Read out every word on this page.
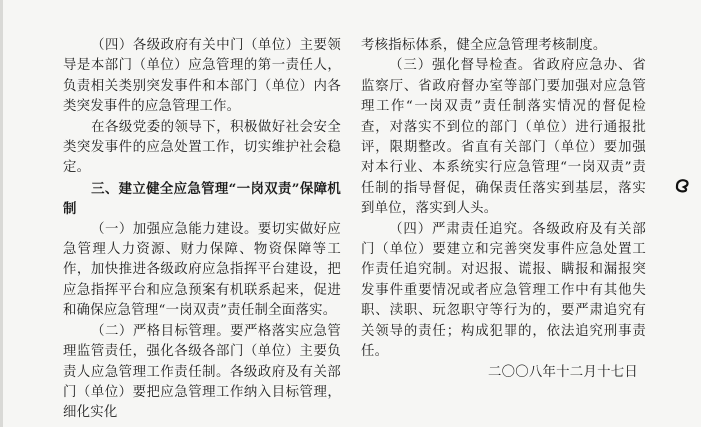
（四）各级政府有关中门（单位）主要领导是本部门（单位）应急管理的第一责任人，负责相关类别突发事件和本部门（单位）内各类突发事件的应急管理工作。

在各级党委的领导下，积极做好社会安全类突发事件的应急处置工作，切实维护社会稳定。

三、建立健全应急管理“一岗双责”保障机制

（一）加强应急能力建设。要切实做好应急管理人力资源、财力保障、物资保障等工作，加快推进各级政府应急指挥平台建设，把应急指挥平台和应急预案有机联系起来，促进和确保应急管理“一岗双责”责任制全面落实。

（二）严格目标管理。要严格落实应急管理监管责任，强化各级各部门（单位）主要负责人应急管理工作责任制。各级政府及有关部门（单位）要把应急管理工作纳入目标管理，细化实化

考核指标体系，健全应急管理考核制度。

（三）强化督导检查。省政府应急办、省监察厅、省政府督办室等部门要加强对应急管理工作“一岗双责”责任制落实情况的督促检查，对落实不到位的部门（单位）进行通报批评，限期整改。省直有关部门（单位）要加强对本行业、本系统实行应急管理“一岗双责”责任制的指导督促，确保责任落实到基层，落实到单位，落实到人头。

（四）严肃责任追究。各级政府及有关部门（单位）要建立和完善突发事件应急处置工作责任追究制。对迟报、谎报、瞒报和漏报突发事件重要情况或者应急管理工作中有其他失职、渎职、玩忽职守等行为的，要严肃追究有关领导的责任；构成犯罪的，依法追究刑事责任。

二〇〇八年十二月十七日
